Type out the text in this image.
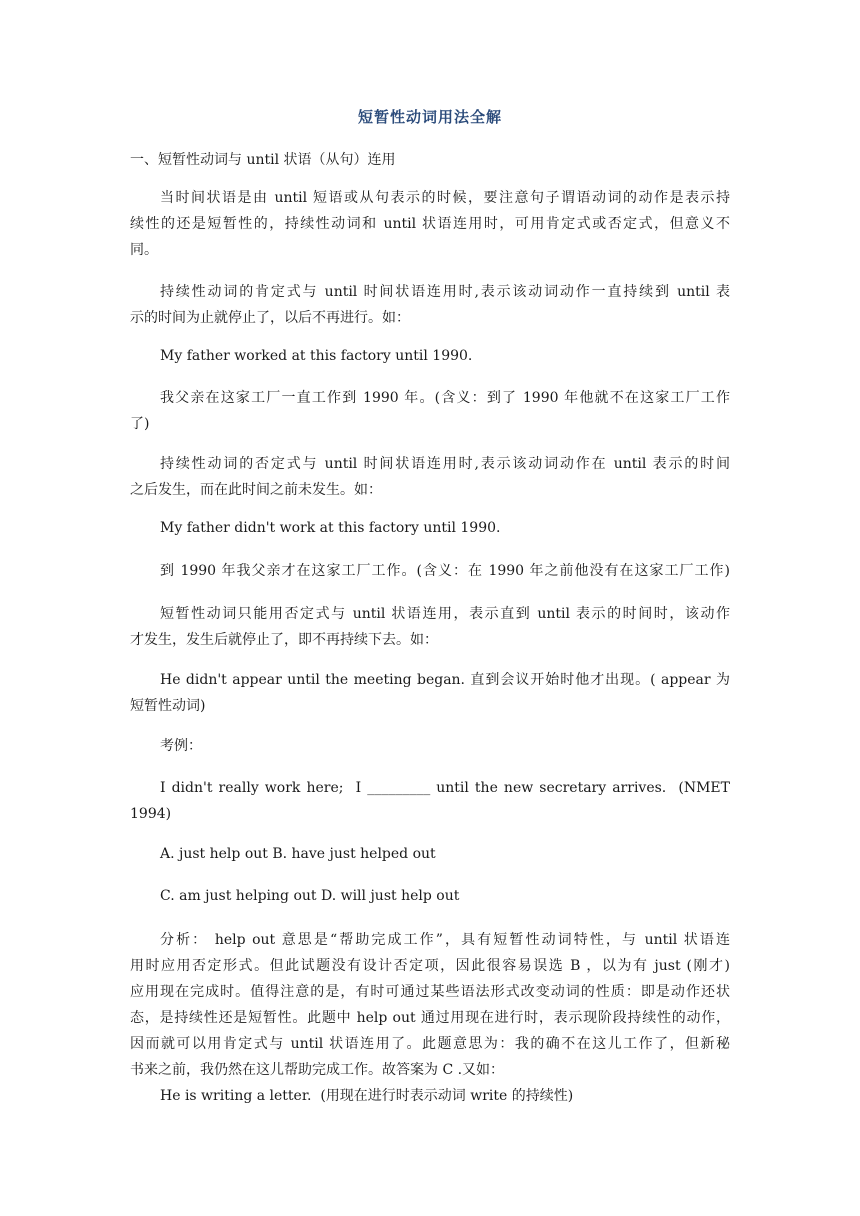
短暂性动词用法全解
一、短暂性动词与 until 状语（从句）连用
当时间状语是由 until 短语或从句表示的时候，要注意句子谓语动词的动作是表示持
续性的还是短暂性的，持续性动词和 until 状语连用时，可用肯定式或否定式，但意义不
同。
持续性动词的肯定式与 until 时间状语连用时,表示该动词动作一直持续到 until 表
示的时间为止就停止了，以后不再进行。如：
My father worked at this factory until 1990.
我父亲在这家工厂一直工作到 1990 年。(含义：到了 1990 年他就不在这家工厂工作
了)
持续性动词的否定式与 until 时间状语连用时,表示该动词动作在 until 表示的时间
之后发生，而在此时间之前未发生。如：
My father didn't work at this factory until 1990.
到 1990 年我父亲才在这家工厂工作。(含义：在 1990 年之前他没有在这家工厂工作)
短暂性动词只能用否定式与 until 状语连用，表示直到 until 表示的时间时，该动作
才发生，发生后就停止了，即不再持续下去。如：
He didn't appear until the meeting began. 直到会议开始时他才出现。( appear 为
短暂性动词)
考例：
I didn't really work here;  I _________ until the new secretary arrives.  (NMET
1994)
A. just help out B. have just helped out
C. am just helping out D. will just help out
分析： help out 意思是“帮助完成工作”，具有短暂性动词特性，与 until 状语连
用时应用否定形式。但此试题没有设计否定项，因此很容易误选 B ，以为有 just (刚才)
应用现在完成时。值得注意的是，有时可通过某些语法形式改变动词的性质：即是动作还状
态，是持续性还是短暂性。此题中 help out 通过用现在进行时，表示现阶段持续性的动作，
因而就可以用肯定式与 until 状语连用了。此题意思为：我的确不在这儿工作了，但新秘
书来之前，我仍然在这儿帮助完成工作。故答案为 C .又如：
He is writing a letter.  (用现在进行时表示动词 write 的持续性)
